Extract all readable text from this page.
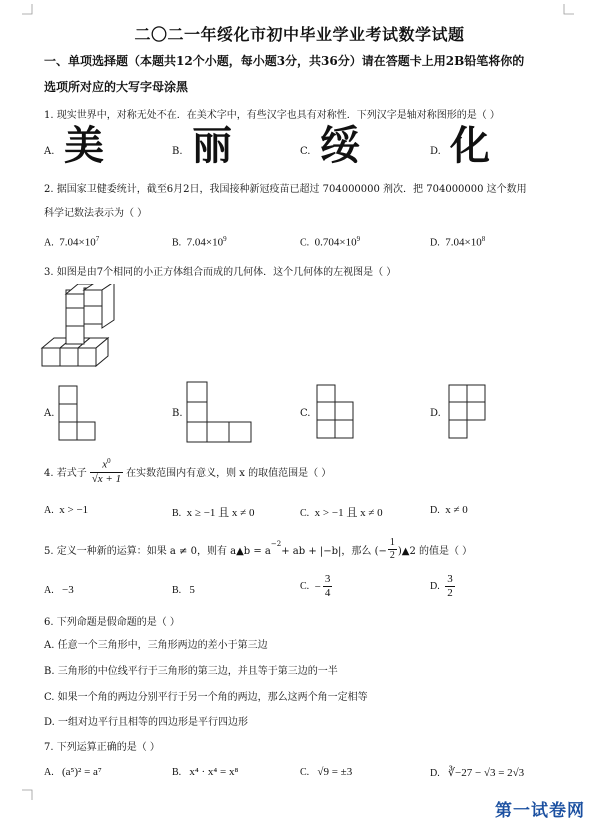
二〇二一年绥化市初中毕业学业考试数学试题
一、单项选择题（本题共12个小题，每小题3分，共36分）请在答题卡上用2B铅笔将你的
选项所对应的大写字母涂黑
1. 现实世界中，对称无处不在．在美术字中，有些汉字也具有对称性．下列汉字是轴对称图形的是（ ）
A. 美	B. 丽	C. 绥	D. 化
2. 据国家卫健委统计，截至6月2日，我国接种新冠疫苗已超过 704000000 剂次．把 704000000 这个数用
科学记数法表示为（ ）
A. $7.04\times 10^7$	B. $7.04\times 10^9$	C. $0.704\times 10^9$	D. $7.04\times 10^8$
3. 如图是由7个相同的小正方体组合而成的几何体．这个几何体的左视图是（ ）
A.	B.	C.	D.
4. 若式子 $\frac{x^0}{√x + 1}$ 在实数范围内有意义，则 x 的取值范围是（ ）
A. x > −1	B. x ≥ −1 且 x ≠ 0	C. x > −1 且 x ≠ 0	D. x ≠ 0
5. 定义一种新的运算：如果 a ≠ 0，则有 a▲b = a
$^{-2}$
+ ab + |−b|，那么 (− $\frac{1}{2}$ )▲2 的值是（ ）
A. −3	B. 5	C.
− $\frac{3}{4}$	D.
$\frac{3}{2}$
6. 下列命题是假命题的是（ ）
A. 任意一个三角形中，三角形两边的差小于第三边
B. 三角形的中位线平行于三角形的第三边，并且等于第三边的一半
C. 如果一个角的两边分别平行于另一个角的两边，那么这两个角一定相等
D. 一组对边平行且相等的四边形是平行四边形
7. 下列运算正确的是（ ）
A. (a⁵)² = a⁷	B. x⁴ · x⁴ = x⁸	C. √9 = ±3	D. ∛−27 − √3 = 2√3
第一试卷网
